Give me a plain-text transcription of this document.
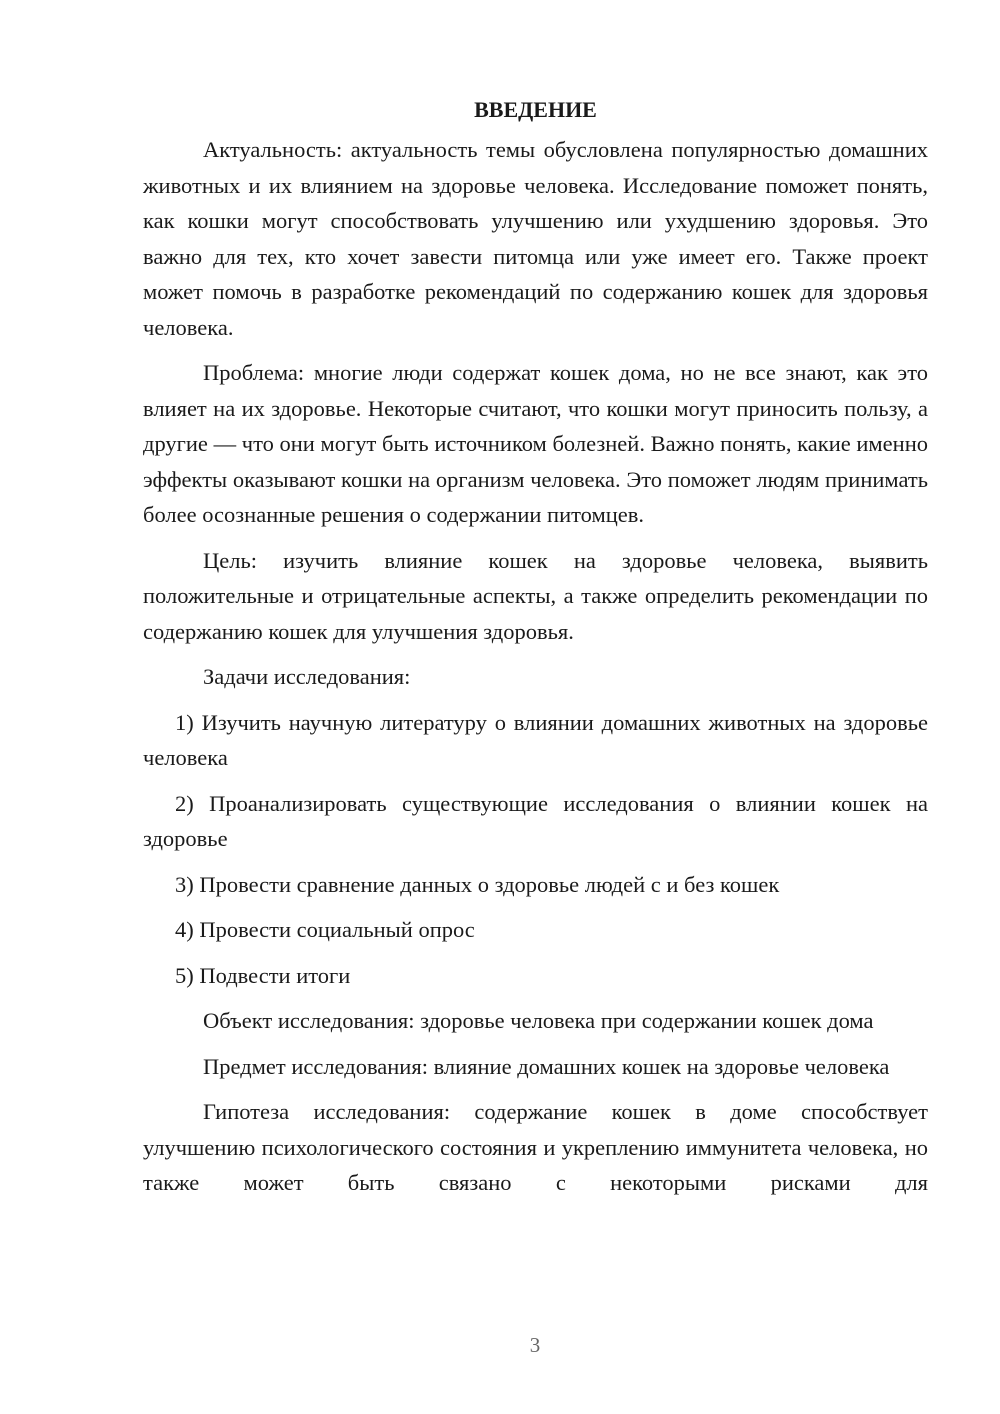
ВВЕДЕНИЕ

Актуальность: актуальность темы обусловлена популярностью домашних животных и их влиянием на здоровье человека. Исследование поможет понять, как кошки могут способствовать улучшению или ухудшению здоровья. Это важно для тех, кто хочет завести питомца или уже имеет его. Также проект может помочь в разработке рекомендаций по содержанию кошек для здоровья человека.

Проблема: многие люди содержат кошек дома, но не все знают, как это влияет на их здоровье. Некоторые считают, что кошки могут приносить пользу, а другие — что они могут быть источником болезней. Важно понять, какие именно эффекты оказывают кошки на организм человека. Это поможет людям принимать более осознанные решения о содержании питомцев.

Цель: изучить влияние кошек на здоровье человека, выявить положительные и отрицательные аспекты, а также определить рекомендации по содержанию кошек для улучшения здоровья.

Задачи исследования:

1) Изучить научную литературу о влиянии домашних животных на здоровье человека

2) Проанализировать существующие исследования о влиянии кошек на здоровье

3) Провести сравнение данных о здоровье людей с и без кошек

4) Провести социальный опрос

5) Подвести итоги

Объект исследования: здоровье человека при содержании кошек дома

Предмет исследования: влияние домашних кошек на здоровье человека

Гипотеза исследования: содержание кошек в доме способствует улучшению психологического состояния и укреплению иммунитета человека, но также может быть связано с некоторыми рисками для

3
